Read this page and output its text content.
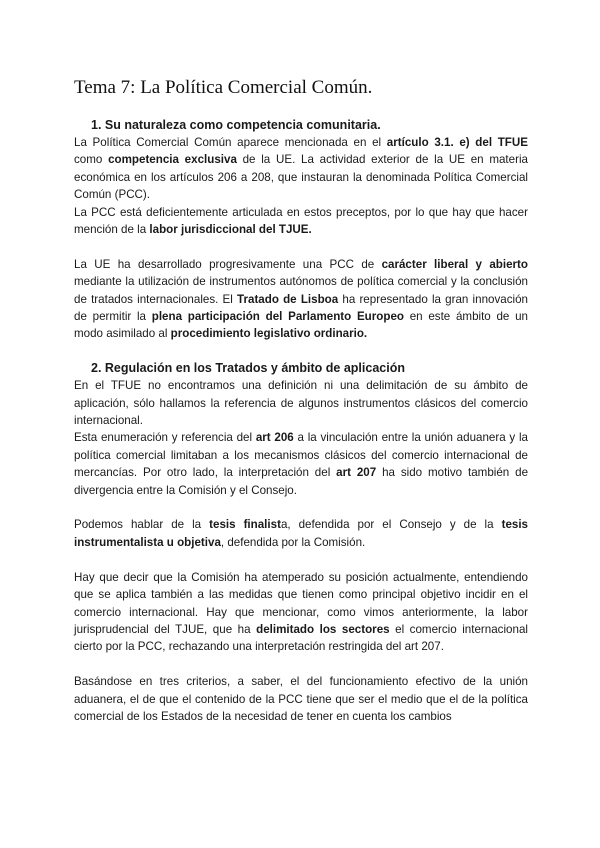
Tema 7: La Política Comercial Común.
1. Su naturaleza como competencia comunitaria.

La Política Comercial Común aparece mencionada en el artículo 3.1. e) del TFUE como competencia exclusiva de la UE. La actividad exterior de la UE en materia económica en los artículos 206 a 208, que instauran la denominada Política Comercial Común (PCC).

La PCC está deficientemente articulada en estos preceptos, por lo que hay que hacer mención de la labor jurisdiccional del TJUE.

La UE ha desarrollado progresivamente una PCC de carácter liberal y abierto mediante la utilización de instrumentos autónomos de política comercial y la conclusión de tratados internacionales. El Tratado de Lisboa ha representado la gran innovación de permitir la plena participación del Parlamento Europeo en este ámbito de un modo asimilado al procedimiento legislativo ordinario.

2. Regulación en los Tratados y ámbito de aplicación

En el TFUE no encontramos una definición ni una delimitación de su ámbito de aplicación, sólo hallamos la referencia de algunos instrumentos clásicos del comercio internacional.

Esta enumeración y referencia del art 206 a la vinculación entre la unión aduanera y la política comercial limitaban a los mecanismos clásicos del comercio internacional de mercancías. Por otro lado, la interpretación del art 207 ha sido motivo también de divergencia entre la Comisión y el Consejo.

Podemos hablar de la tesis finalista, defendida por el Consejo y de la tesis instrumentalista u objetiva, defendida por la Comisión.

Hay que decir que la Comisión ha atemperado su posición actualmente, entendiendo que se aplica también a las medidas que tienen como principal objetivo incidir en el comercio internacional. Hay que mencionar, como vimos anteriormente, la labor jurisprudencial del TJUE, que ha delimitado los sectores el comercio internacional cierto por la PCC, rechazando una interpretación restringida del art 207.

Basándose en tres criterios, a saber, el del funcionamiento efectivo de la unión aduanera, el de que el contenido de la PCC tiene que ser el medio que el de la política comercial de los Estados de la necesidad de tener en cuenta los cambios
